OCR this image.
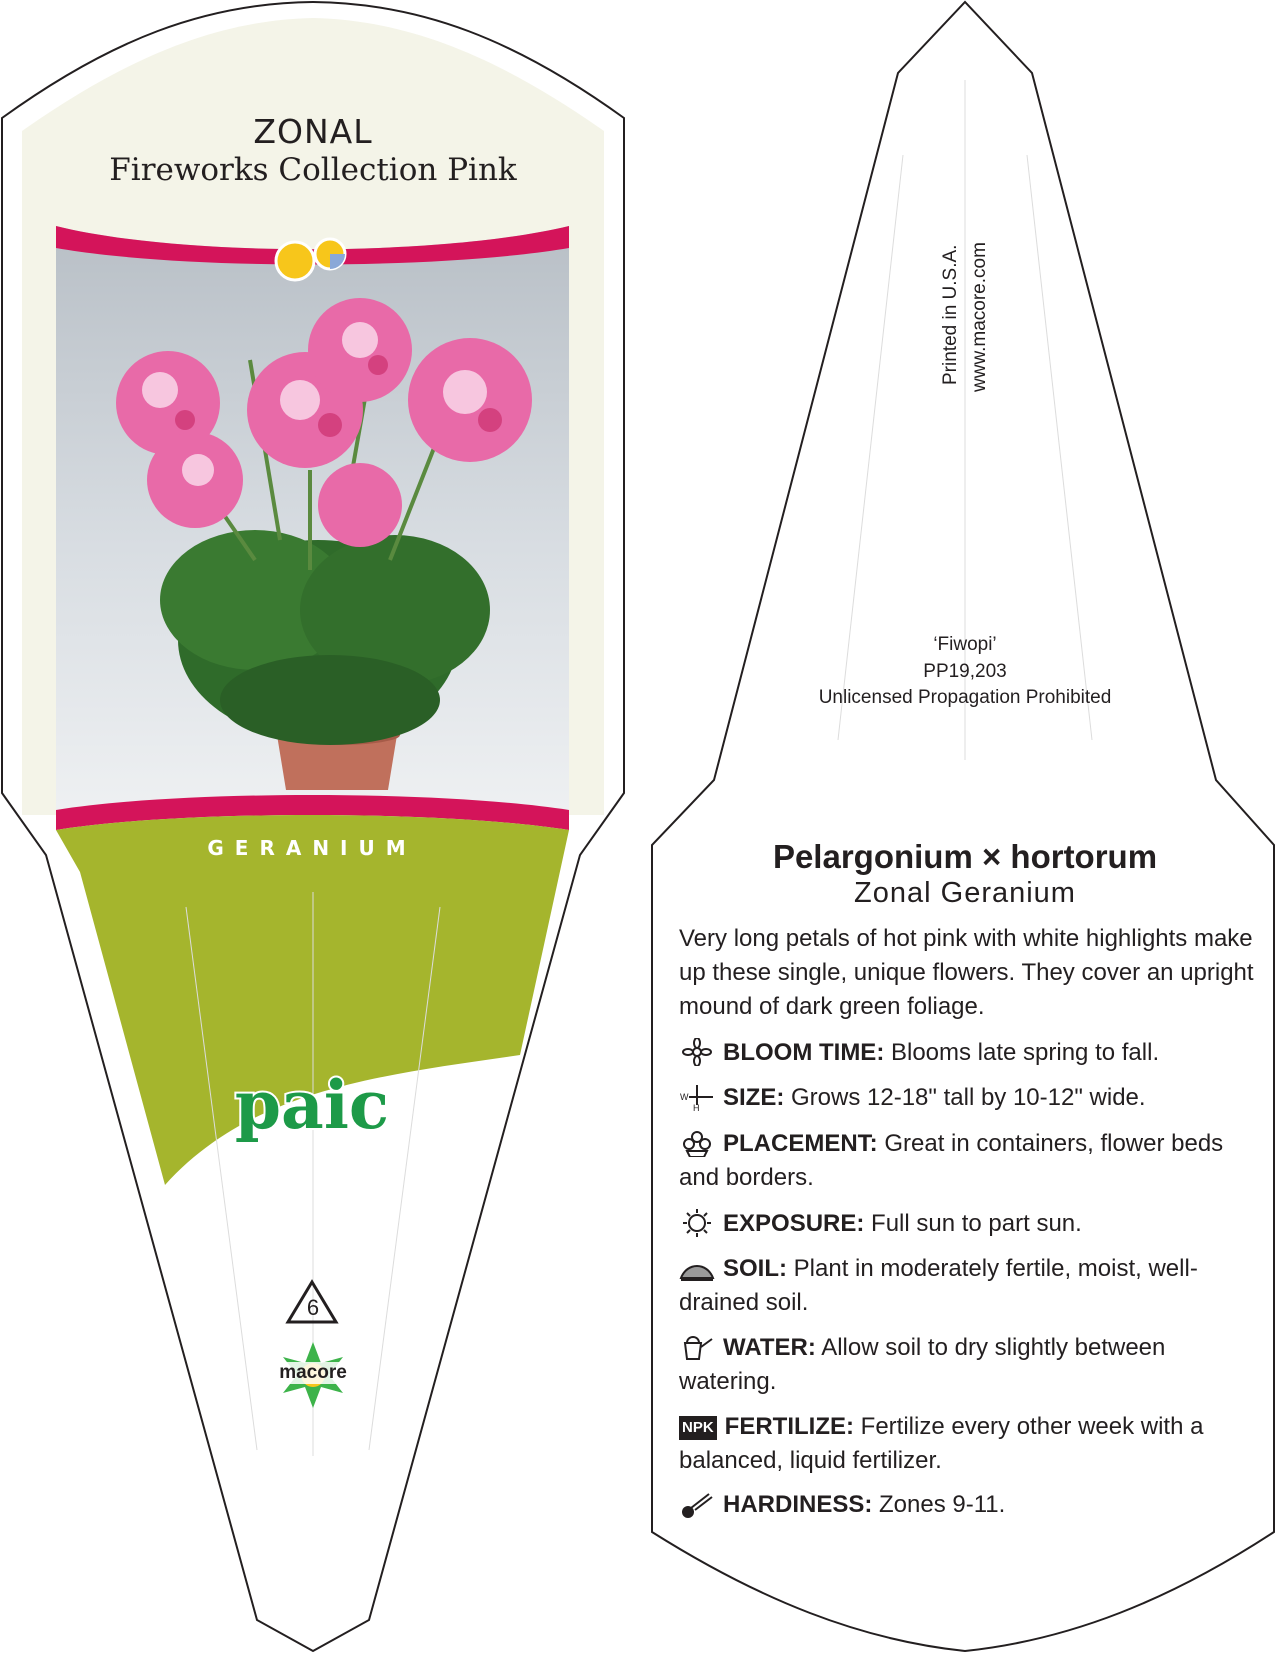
paic
ZONAL
Fireworks Collection Pink
GERANIUM
6
macore
Printed in U.S.A. www.macore.com
‘Fiwopi’
PP19,203
Unlicensed Propagation Prohibited
Pelargonium × hortorum
Zonal Geranium
Very long petals of hot pink with white highlights make up these single, unique flowers. They cover an upright mound of dark green foliage.
BLOOM TIME: Blooms late spring to fall.
W
H SIZE: Grows 12-18" tall by 10-12" wide.
PLACEMENT: Great in containers, flower beds and borders.
EXPOSURE: Full sun to part sun.
SOIL: Plant in moderately fertile, moist, well-drained soil.
WATER: Allow soil to dry slightly between watering.
NPK FERTILIZE: Fertilize every other week with a balanced, liquid fertilizer.
HARDINESS: Zones 9-11.
